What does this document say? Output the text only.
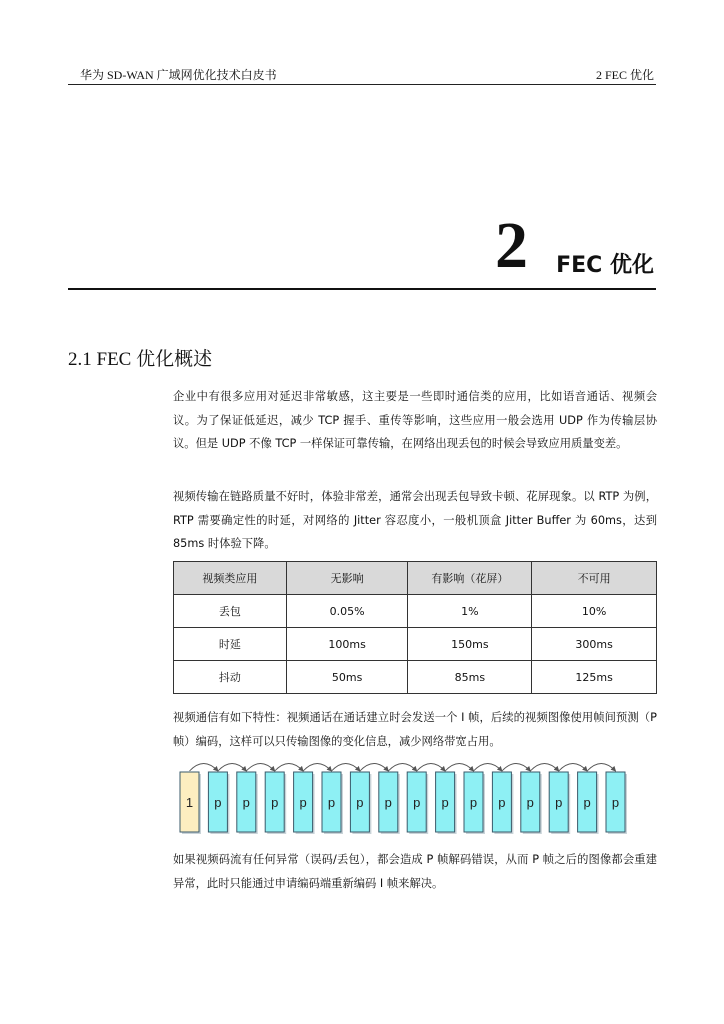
华为 SD-WAN 广域网优化技术白皮书	2 FEC 优化
2 FEC 优化
2.1 FEC 优化概述
企业中有很多应用对延迟非常敏感，这主要是一些即时通信类的应用，比如语音通话、视频会议。为了保证低延迟，减少 TCP 握手、重传等影响，这些应用一般会选用 UDP 作为传输层协议。但是 UDP 不像 TCP 一样保证可靠传输，在网络出现丢包的时候会导致应用质量变差。
视频传输在链路质量不好时，体验非常差，通常会出现丢包导致卡顿、花屏现象。以 RTP 为例，RTP 需要确定性的时延，对网络的 Jitter 容忍度小，一般机顶盒 Jitter Buffer 为 60ms，达到 85ms 时体验下降。
视频类应用	无影响	有影响（花屏）	不可用
丢包	0.05%	1%	10%
时延	100ms	150ms	300ms
抖动	50ms	85ms	125ms
视频通信有如下特性：视频通话在通话建立时会发送一个 I 帧，后续的视频图像使用帧间预测（P 帧）编码，这样可以只传输图像的变化信息，减少网络带宽占用。
1 p p p p p p p p p p p p p p p
如果视频码流有任何异常（误码/丢包），都会造成 P 帧解码错误，从而 P 帧之后的图像都会重建异常，此时只能通过申请编码端重新编码 I 帧来解决。
